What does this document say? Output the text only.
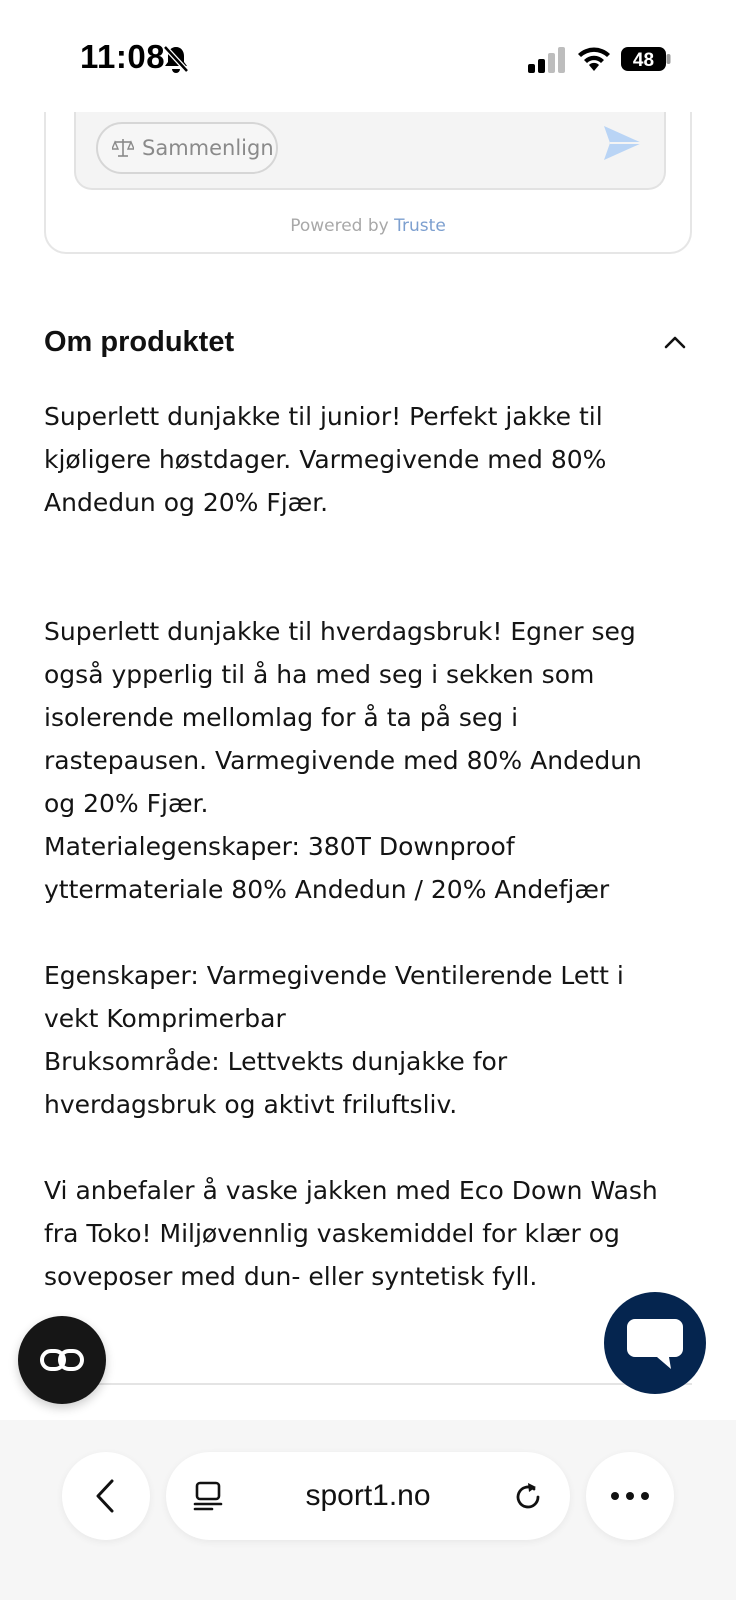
11:08	48
Sammenlign
Powered by Truste
Om produktet

Superlett dunjakke til junior! Perfekt jakke til

kjøligere høstdager. Varmegivende med 80%

Andedun og 20% Fjær.

Superlett dunjakke til hverdagsbruk! Egner seg

også ypperlig til å ha med seg i sekken som

isolerende mellomlag for å ta på seg i

rastepausen. Varmegivende med 80% Andedun

og 20% Fjær.

Materialegenskaper: 380T Downproof

yttermateriale 80% Andedun / 20% Andefjær

Egenskaper: Varmegivende Ventilerende Lett i

vekt Komprimerbar

Bruksområde: Lettvekts dunjakke for

hverdagsbruk og aktivt friluftsliv.

Vi anbefaler å vaske jakken med Eco Down Wash

fra Toko! Miljøvennlig vaskemiddel for klær og

soveposer med dun- eller syntetisk fyll.

sport1.no
